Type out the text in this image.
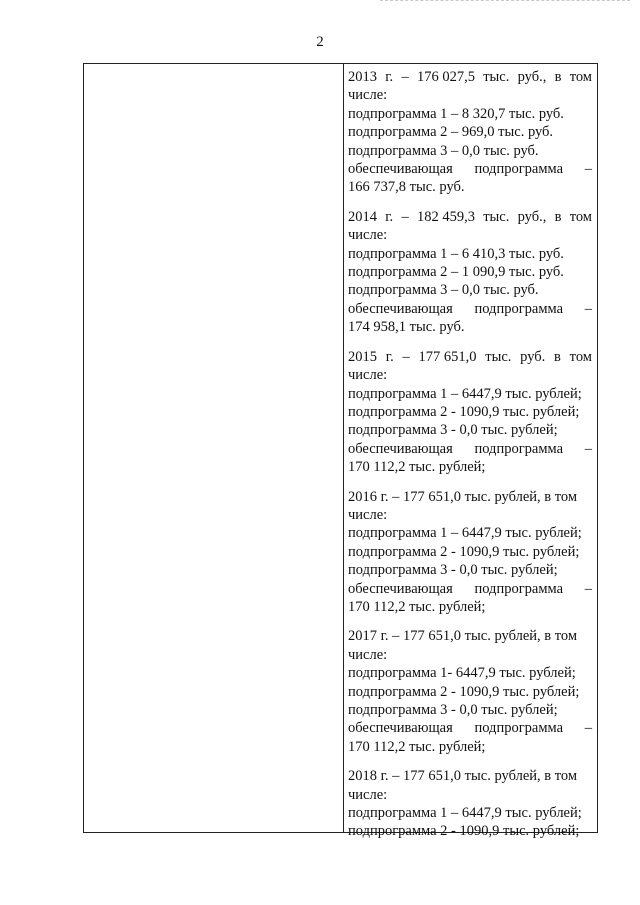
2
2013 г. – 176 027,5 тыс. руб., в том
числе:
подпрограмма 1 – 8 320,7 тыс. руб.
подпрограмма 2 – 969,0 тыс. руб.
подпрограмма 3 – 0,0 тыс. руб.
обеспечивающая подпрограмма –
166 737,8 тыс. руб.
2014 г. – 182 459,3 тыс. руб., в том
числе:
подпрограмма 1 – 6 410,3 тыс. руб.
подпрограмма 2 – 1 090,9 тыс. руб.
подпрограмма 3 – 0,0 тыс. руб.
обеспечивающая подпрограмма –
174 958,1 тыс. руб.
2015 г. – 177 651,0 тыс. руб. в том
числе:
подпрограмма 1 – 6447,9 тыс. рублей;
подпрограмма 2 - 1090,9 тыс. рублей;
подпрограмма 3 - 0,0 тыс. рублей;
обеспечивающая подпрограмма –
170 112,2 тыс. рублей;
2016 г. – 177 651,0 тыс. рублей, в том
числе:
подпрограмма 1 – 6447,9 тыс. рублей;
подпрограмма 2 - 1090,9 тыс. рублей;
подпрограмма 3 - 0,0 тыс. рублей;
обеспечивающая подпрограмма –
170 112,2 тыс. рублей;
2017 г. – 177 651,0 тыс. рублей, в том
числе:
подпрограмма 1- 6447,9 тыс. рублей;
подпрограмма 2 - 1090,9 тыс. рублей;
подпрограмма 3 - 0,0 тыс. рублей;
обеспечивающая подпрограмма –
170 112,2 тыс. рублей;
2018 г. – 177 651,0 тыс. рублей, в том
числе:
подпрограмма 1 – 6447,9 тыс. рублей;
подпрограмма 2 - 1090,9 тыс. рублей;
